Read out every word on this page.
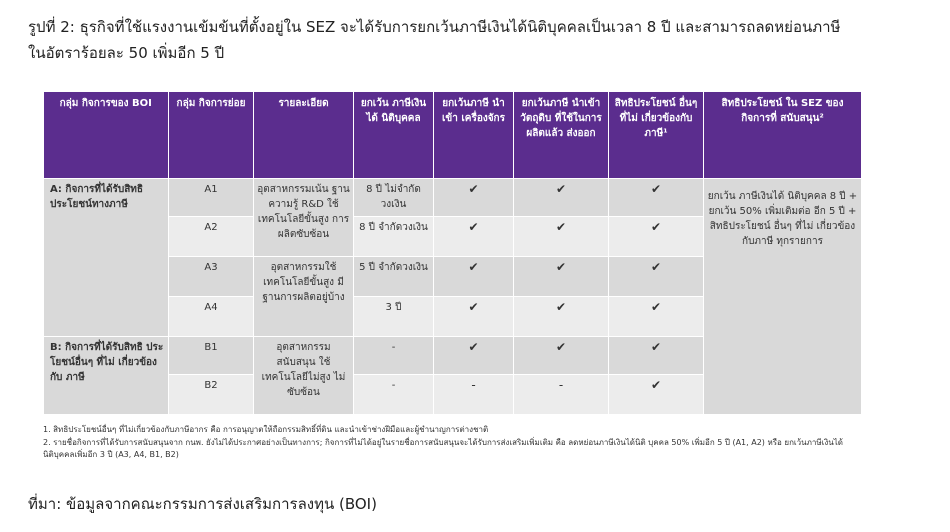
รูปที่ 2: ธุรกิจที่ใช้แรงงานเข้มข้นที่ตั้งอยู่ใน SEZ จะได้รับการยกเว้นภาษีเงินได้นิติบุคคลเป็นเวลา 8 ปี และสามารถลดหย่อนภาษี
ในอัตราร้อยละ 50 เพิ่มอีก 5 ปี
กลุ่ม กิจการของ BOI	กลุ่ม กิจการย่อย	รายละเอียด	ยกเว้น ภาษีเงินได้ นิติบุคคล	ยกเว้นภาษี นำเข้า เครื่องจักร	ยกเว้นภาษี นำเข้าวัตถุดิบ ที่ใช้ในการ ผลิตแล้ว ส่งออก	สิทธิประโยชน์ อื่นๆ ที่ไม่ เกี่ยวข้องกับ ภาษี¹	สิทธิประโยชน์ ใน SEZ ของ กิจการที่ สนับสนุน²
A: กิจการที่ได้รับสิทธิ ประโยชน์ทางภาษี	A1	อุตสาหกรรมเน้น ฐานความรู้ R&D ใช้เทคโนโลยีขั้นสูง การผลิตซับซ้อน	8 ปี ไม่จำกัดวงเงิน	✔	✔	✔	ยกเว้น ภาษีเงินได้ นิติบุคคล 8 ปี + ยกเว้น 50% เพิ่มเติมต่อ อีก 5 ปี + สิทธิประโยชน์ อื่นๆ ที่ไม่ เกี่ยวข้องกับภาษี ทุกรายการ
	A2		8 ปี จำกัดวงเงิน	✔	✔	✔	
	A3	อุตสาหกรรมใช้ เทคโนโลยีขั้นสูง มี ฐานการผลิตอยู่บ้าง	5 ปี จำกัดวงเงิน	✔	✔	✔	
	A4		3 ปี	✔	✔	✔	
B: กิจการที่ได้รับสิทธิ ประโยชน์อื่นๆ ที่ไม่ เกี่ยวข้องกับ ภาษี	B1	อุตสาหกรรมสนับสนุน ใช้เทคโนโลยีไม่สูง ไม่ซับซ้อน	-	✔	✔	✔	
	B2		-	-	-	✔	
1. สิทธิประโยชน์อื่นๆ ที่ไม่เกี่ยวข้องกับภาษีอากร คือ การอนุญาตให้ถือกรรมสิทธิ์ที่ดิน และนำเข้าช่างฝีมือและผู้ชำนาญการต่างชาติ
2. รายชื่อกิจการที่ได้รับการสนับสนุนจาก กนพ. ยังไม่ได้ประกาศอย่างเป็นทางการ; กิจการที่ไม่ได้อยู่ในรายชื่อการสนับสนุนจะได้รับการส่งเสริมเพิ่มเติม คือ ลดหย่อนภาษีเงินได้นิติ บุคคล 50% เพิ่มอีก 5 ปี (A1, A2) หรือ ยกเว้นภาษีเงินได้นิติบุคคลเพิ่มอีก 3 ปี (A3, A4, B1, B2)
ที่มา: ข้อมูลจากคณะกรรมการส่งเสริมการลงทุน (BOI)
